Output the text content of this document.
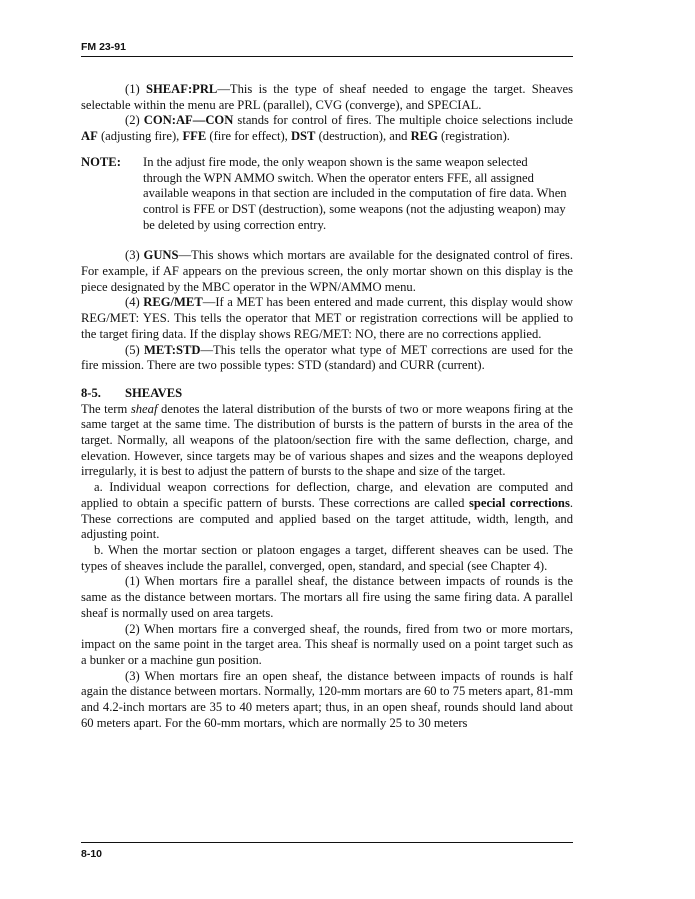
FM 23-91

(1) SHEAF:PRL—This is the type of sheaf needed to engage the target. Sheaves selectable within the menu are PRL (parallel), CVG (converge), and SPECIAL.

(2) CON:AF—CON stands for control of fires. The multiple choice selections include AF (adjusting fire), FFE (fire for effect), DST (destruction), and REG (registration).

NOTE:	In the adjust fire mode, the only weapon shown is the same weapon selected through the WPN AMMO switch. When the operator enters FFE, all assigned available weapons in that section are included in the computation of fire data. When control is FFE or DST (destruction), some weapons (not the adjusting weapon) may be deleted by using correction entry.

(3) GUNS—This shows which mortars are available for the designated control of fires. For example, if AF appears on the previous screen, the only mortar shown on this display is the piece designated by the MBC operator in the WPN/AMMO menu.

(4) REG/MET—If a MET has been entered and made current, this display would show REG/MET: YES. This tells the operator that MET or registration corrections will be applied to the target firing data. If the display shows REG/MET: NO, there are no corrections applied.

(5) MET:STD—This tells the operator what type of MET corrections are used for the fire mission. There are two possible types: STD (standard) and CURR (current).

8-5. SHEAVES

The term sheaf denotes the lateral distribution of the bursts of two or more weapons firing at the same target at the same time. The distribution of bursts is the pattern of bursts in the area of the target. Normally, all weapons of the platoon/section fire with the same deflection, charge, and elevation. However, since targets may be of various shapes and sizes and the weapons deployed irregularly, it is best to adjust the pattern of bursts to the shape and size of the target.

a. Individual weapon corrections for deflection, charge, and elevation are computed and applied to obtain a specific pattern of bursts. These corrections are called special corrections. These corrections are computed and applied based on the target attitude, width, length, and adjusting point.

b. When the mortar section or platoon engages a target, different sheaves can be used. The types of sheaves include the parallel, converged, open, standard, and special (see Chapter 4).

(1) When mortars fire a parallel sheaf, the distance between impacts of rounds is the same as the distance between mortars. The mortars all fire using the same firing data. A parallel sheaf is normally used on area targets.

(2) When mortars fire a converged sheaf, the rounds, fired from two or more mortars, impact on the same point in the target area. This sheaf is normally used on a point target such as a bunker or a machine gun position.

(3) When mortars fire an open sheaf, the distance between impacts of rounds is half again the distance between mortars. Normally, 120-mm mortars are 60 to 75 meters apart, 81-mm and 4.2-inch mortars are 35 to 40 meters apart; thus, in an open sheaf, rounds should land about 60 meters apart. For the 60-mm mortars, which are normally 25 to 30 meters

8-10
